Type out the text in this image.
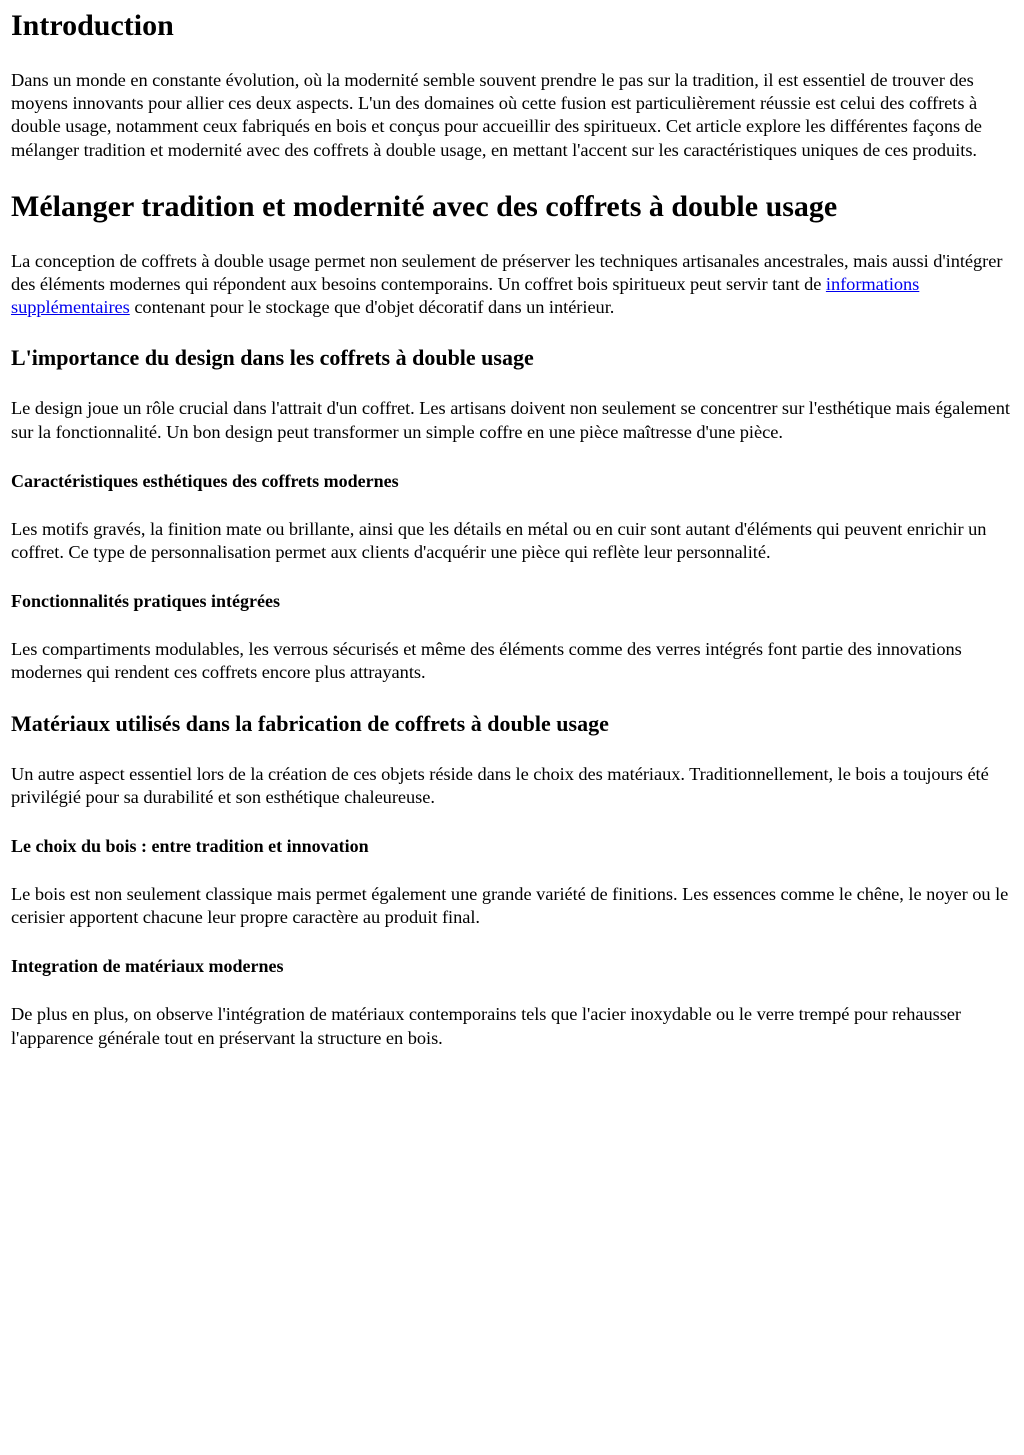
Introduction

Dans un monde en constante évolution, où la modernité semble souvent prendre le pas sur la tradition, il est essentiel de trouver des moyens innovants pour allier ces deux aspects. L'un des domaines où cette fusion est particulièrement réussie est celui des coffrets à double usage, notamment ceux fabriqués en bois et conçus pour accueillir des spiritueux. Cet article explore les différentes façons de mélanger tradition et modernité avec des coffrets à double usage, en mettant l'accent sur les caractéristiques uniques de ces produits.

Mélanger tradition et modernité avec des coffrets à double usage

La conception de coffrets à double usage permet non seulement de préserver les techniques artisanales ancestrales, mais aussi d'intégrer des éléments modernes qui répondent aux besoins contemporains. Un coffret bois spiritueux peut servir tant de informations supplémentaires contenant pour le stockage que d'objet décoratif dans un intérieur.

L'importance du design dans les coffrets à double usage

Le design joue un rôle crucial dans l'attrait d'un coffret. Les artisans doivent non seulement se concentrer sur l'esthétique mais également sur la fonctionnalité. Un bon design peut transformer un simple coffre en une pièce maîtresse d'une pièce.

Caractéristiques esthétiques des coffrets modernes

Les motifs gravés, la finition mate ou brillante, ainsi que les détails en métal ou en cuir sont autant d'éléments qui peuvent enrichir un coffret. Ce type de personnalisation permet aux clients d'acquérir une pièce qui reflète leur personnalité.

Fonctionnalités pratiques intégrées

Les compartiments modulables, les verrous sécurisés et même des éléments comme des verres intégrés font partie des innovations modernes qui rendent ces coffrets encore plus attrayants.

Matériaux utilisés dans la fabrication de coffrets à double usage

Un autre aspect essentiel lors de la création de ces objets réside dans le choix des matériaux. Traditionnellement, le bois a toujours été privilégié pour sa durabilité et son esthétique chaleureuse.

Le choix du bois : entre tradition et innovation

Le bois est non seulement classique mais permet également une grande variété de finitions. Les essences comme le chêne, le noyer ou le cerisier apportent chacune leur propre caractère au produit final.

Integration de matériaux modernes

De plus en plus, on observe l'intégration de matériaux contemporains tels que l'acier inoxydable ou le verre trempé pour rehausser l'apparence générale tout en préservant la structure en bois.
